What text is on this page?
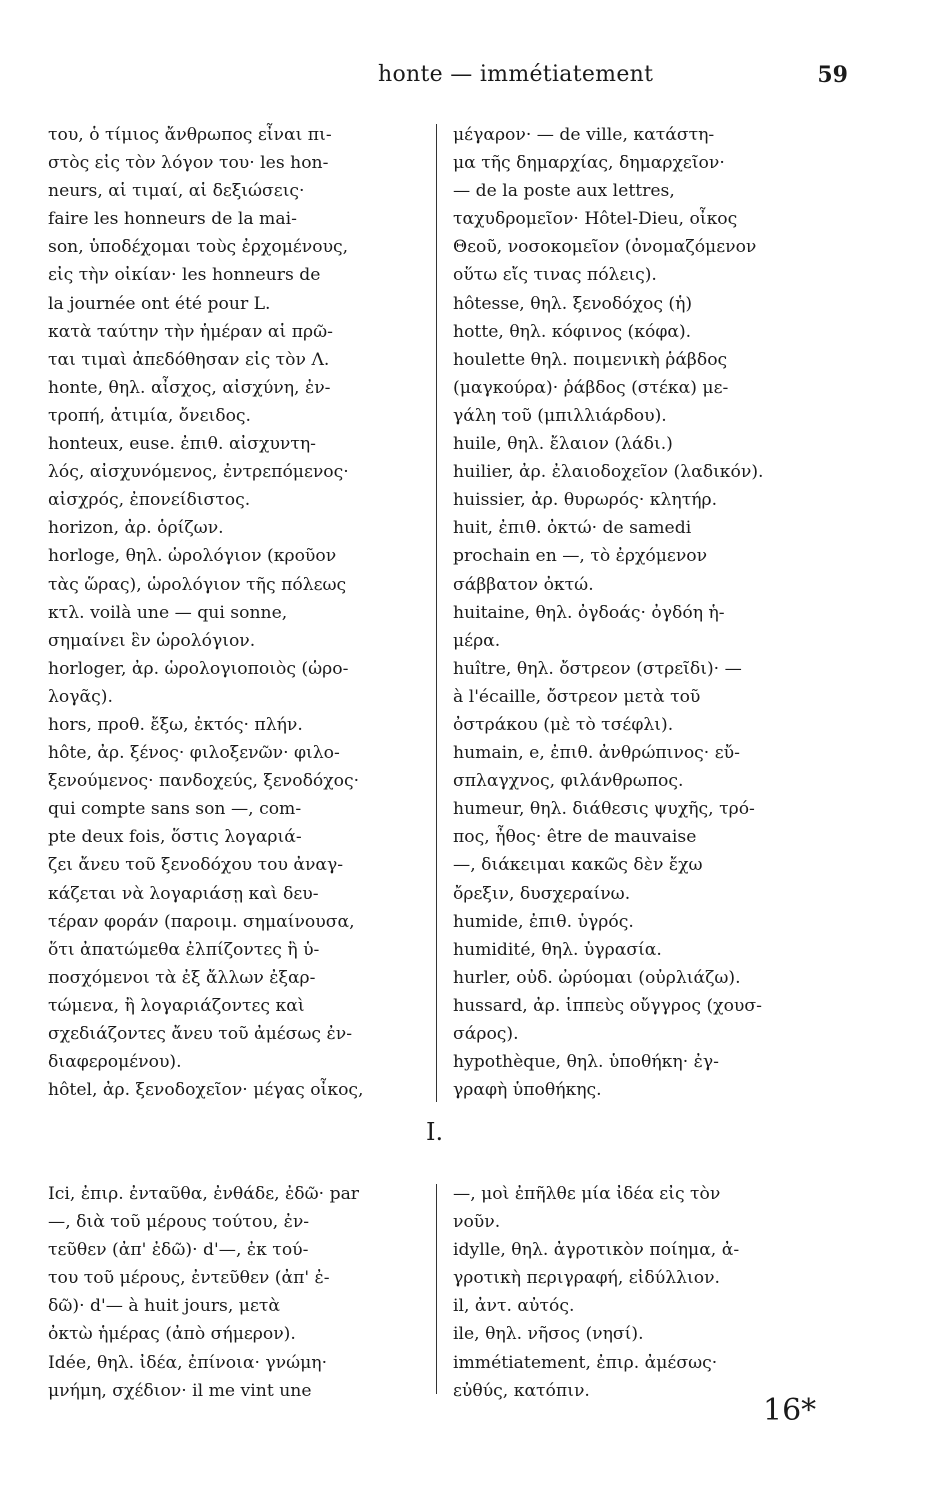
honte — immétiatement	59
του, ὁ τίμιος ἄνθρωπος εἶναι πι-
στὸς εἰς τὸν λόγον του· les hon-
neurs, αἱ τιμαί, αἱ δεξιώσεις·
faire les honneurs de la mai-
son, ὑποδέχομαι τοὺς ἐρχομένους,
εἰς τὴν οἰκίαν· les honneurs de
la journée ont été pour L.
κατὰ ταύτην τὴν ἡμέραν αἱ πρῶ-
ται τιμαὶ ἀπεδόθησαν εἰς τὸν Λ.
honte, θηλ. αἶσχος, αἰσχύνη, ἐν-
τροπή, ἀτιμία, ὄνειδος.
honteux, euse. ἐπιθ. αἰσχυντη-
λός, αἰσχυνόμενος, ἐντρεπόμενος·
αἰσχρός, ἐπονείδιστος.
horizon, ἀρ. ὁρίζων.
horloge, θηλ. ὡρολόγιον (κροῦον
τὰς ὥρας), ὡρολόγιον τῆς πόλεως
κτλ. voilà une — qui sonne,
σημαίνει ἓν ὡρολόγιον.
horloger, ἀρ. ὡρολογιοποιὸς (ὡρο-
λογᾶς).
hors, προθ. ἔξω, ἐκτός· πλήν.
hôte, ἀρ. ξένος· φιλοξενῶν· φιλο-
ξενούμενος· πανδοχεύς, ξενοδόχος·
qui compte sans son —, com-
pte deux fois, ὅστις λογαριά-
ζει ἄνευ τοῦ ξενοδόχου του ἀναγ-
κάζεται νὰ λογαριάσῃ καὶ δευ-
τέραν φοράν (παροιμ. σημαίνουσα,
ὅτι ἀπατώμεθα ἐλπίζοντες ἢ ὑ-
ποσχόμενοι τὰ ἐξ ἄλλων ἐξαρ-
τώμενα, ἢ λογαριάζοντες καὶ
σχεδιάζοντες ἄνευ τοῦ ἀμέσως ἐν-
διαφερομένου).
hôtel, ἀρ. ξενοδοχεῖον· μέγας οἶκος,
μέγαρον· — de ville, κατάστη-
μα τῆς δημαρχίας, δημαρχεῖον·
— de la poste aux lettres,
ταχυδρομεῖον· Hôtel-Dieu, οἶκος
Θεοῦ, νοσοκομεῖον (ὀνομαζόμενον
οὕτω εἴς τινας πόλεις).
hôtesse, θηλ. ξενοδόχος (ἡ)
hotte, θηλ. κόφινος (κόφα).
houlette θηλ. ποιμενικὴ ῥάβδος
(μαγκούρα)· ῥάβδος (στέκα) με-
γάλη τοῦ (μπιλλιάρδου).
huile, θηλ. ἔλαιον (λάδι.)
huilier, ἀρ. ἐλαιοδοχεῖον (λαδικόν).
huissier, ἀρ. θυρωρός· κλητήρ.
huit, ἐπιθ. ὀκτώ· de samedi
prochain en —, τὸ ἐρχόμενον
σάββατον ὀκτώ.
huitaine, θηλ. ὀγδοάς· ὀγδόη ἡ-
μέρα.
huître, θηλ. ὄστρεον (στρεῖδι)· —
à l'écaille, ὄστρεον μετὰ τοῦ
ὀστράκου (μὲ τὸ τσέφλι).
humain, e, ἐπιθ. ἀνθρώπινος· εὔ-
σπλαγχνος, φιλάνθρωπος.
humeur, θηλ. διάθεσις ψυχῆς, τρό-
πος, ἦθος· être de mauvaise
—, διάκειμαι κακῶς δὲν ἔχω
ὄρεξιν, δυσχεραίνω.
humide, ἐπιθ. ὑγρός.
humidité, θηλ. ὑγρασία.
hurler, οὐδ. ὠρύομαι (οὐρλιάζω).
hussard, ἀρ. ἱππεὺς οὔγγρος (χουσ-
σάρος).
hypothèque, θηλ. ὑποθήκη· ἐγ-
γραφὴ ὑποθήκης.
I.
Ici, ἐπιρ. ἐνταῦθα, ἐνθάδε, ἐδῶ· par
—, διὰ τοῦ μέρους τούτου, ἐν-
τεῦθεν (ἀπ' ἐδῶ)· d'—, ἐκ τού-
του τοῦ μέρους, ἐντεῦθεν (ἀπ' ἐ-
δῶ)· d'— à huit jours, μετὰ
ὀκτὼ ἡμέρας (ἀπὸ σήμερον).
Idée, θηλ. ἰδέα, ἐπίνοια· γνώμη·
μνήμη, σχέδιον· il me vint une
—, μοὶ ἐπῆλθε μία ἰδέα εἰς τὸν
νοῦν.
idylle, θηλ. ἀγροτικὸν ποίημα, ἀ-
γροτικὴ περιγραφή, εἰδύλλιον.
il, ἀντ. αὐτός.
ile, θηλ. νῆσος (νησί).
immétiatement, ἐπιρ. ἀμέσως·
εὐθύς, κατόπιν.
16*
